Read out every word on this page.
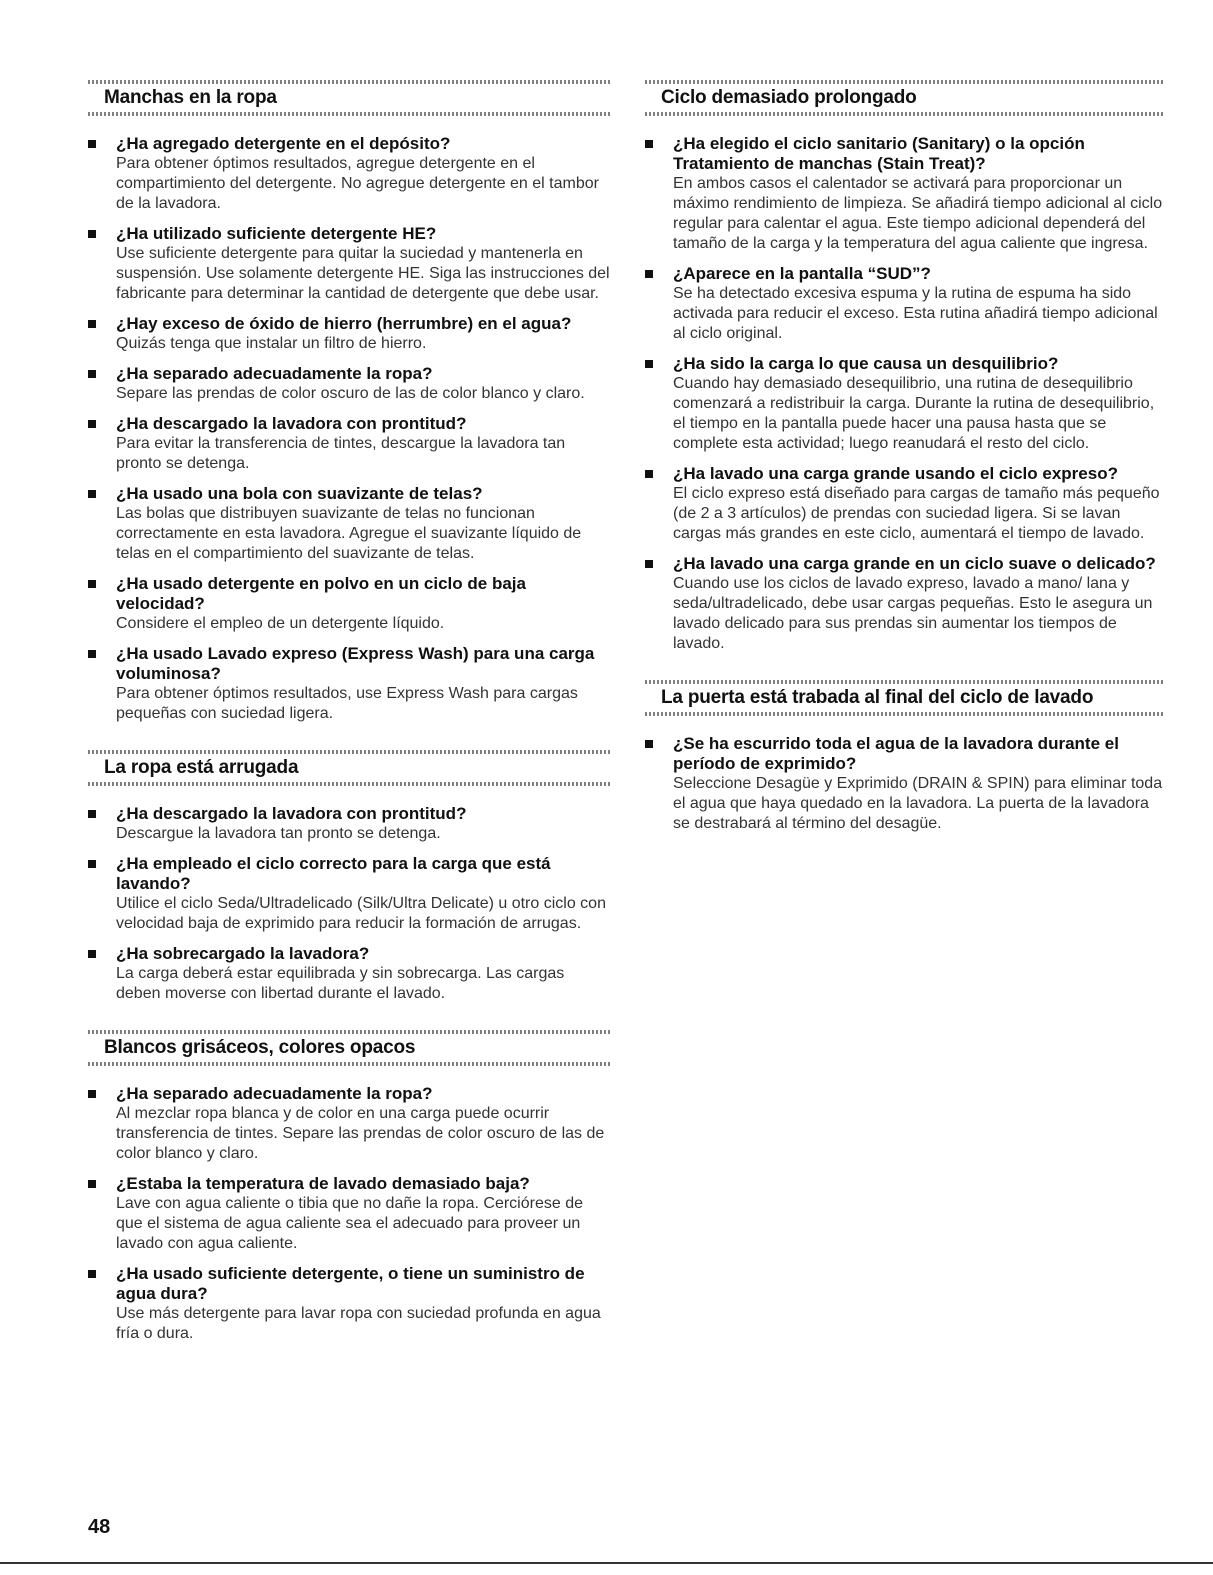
Manchas en la ropa
¿Ha agregado detergente en el depósito?
Para obtener óptimos resultados, agregue detergente en el compartimiento del detergente. No agregue detergente en el tambor de la lavadora.
¿Ha utilizado suficiente detergente HE?
Use suficiente detergente para quitar la suciedad y mantenerla en suspensión. Use solamente detergente HE. Siga las instrucciones del fabricante para determinar la cantidad de detergente que debe usar.
¿Hay exceso de óxido de hierro (herrumbre) en el agua?
Quizás tenga que instalar un filtro de hierro.
¿Ha separado adecuadamente la ropa?
Separe las prendas de color oscuro de las de color blanco y claro.
¿Ha descargado la lavadora con prontitud?
Para evitar la transferencia de tintes, descargue la lavadora tan pronto se detenga.
¿Ha usado una bola con suavizante de telas?
Las bolas que distribuyen suavizante de telas no funcionan correctamente en esta lavadora. Agregue el suavizante líquido de telas en el compartimiento del suavizante de telas.
¿Ha usado detergente en polvo en un ciclo de baja velocidad?
Considere el empleo de un detergente líquido.
¿Ha usado Lavado expreso (Express Wash) para una carga voluminosa?
Para obtener óptimos resultados, use Express Wash para cargas pequeñas con suciedad ligera.
La ropa está arrugada
¿Ha descargado la lavadora con prontitud?
Descargue la lavadora tan pronto se detenga.
¿Ha empleado el ciclo correcto para la carga que está lavando?
Utilice el ciclo Seda/Ultradelicado (Silk/Ultra Delicate) u otro ciclo con velocidad baja de exprimido para reducir la formación de arrugas.
¿Ha sobrecargado la lavadora?
La carga deberá estar equilibrada y sin sobrecarga. Las cargas deben moverse con libertad durante el lavado.
Blancos grisáceos, colores opacos
¿Ha separado adecuadamente la ropa?
Al mezclar ropa blanca y de color en una carga puede ocurrir transferencia de tintes. Separe las prendas de color oscuro de las de color blanco y claro.
¿Estaba la temperatura de lavado demasiado baja?
Lave con agua caliente o tibia que no dañe la ropa. Cerciórese de que el sistema de agua caliente sea el adecuado para proveer un lavado con agua caliente.
¿Ha usado suficiente detergente, o tiene un suministro de agua dura?
Use más detergente para lavar ropa con suciedad profunda en agua fría o dura.
Ciclo demasiado prolongado
¿Ha elegido el ciclo sanitario (Sanitary) o la opción Tratamiento de manchas (Stain Treat)?
En ambos casos el calentador se activará para proporcionar un máximo rendimiento de limpieza. Se añadirá tiempo adicional al ciclo regular para calentar el agua. Este tiempo adicional dependerá del tamaño de la carga y la temperatura del agua caliente que ingresa.
¿Aparece en la pantalla “SUD”?
Se ha detectado excesiva espuma y la rutina de espuma ha sido activada para reducir el exceso. Esta rutina añadirá tiempo adicional al ciclo original.
¿Ha sido la carga lo que causa un desquilibrio?
Cuando hay demasiado desequilibrio, una rutina de desequilibrio comenzará a redistribuir la carga. Durante la rutina de desequilibrio, el tiempo en la pantalla puede hacer una pausa hasta que se complete esta actividad; luego reanudará el resto del ciclo.
¿Ha lavado una carga grande usando el ciclo expreso?
El ciclo expreso está diseñado para cargas de tamaño más pequeño (de 2 a 3 artículos) de prendas con suciedad ligera. Si se lavan cargas más grandes en este ciclo, aumentará el tiempo de lavado.
¿Ha lavado una carga grande en un ciclo suave o delicado?
Cuando use los ciclos de lavado expreso, lavado a mano/ lana y seda/ultradelicado, debe usar cargas pequeñas. Esto le asegura un lavado delicado para sus prendas sin aumentar los tiempos de lavado.
La puerta está trabada al final del ciclo de lavado
¿Se ha escurrido toda el agua de la lavadora durante el período de exprimido?
Seleccione Desagüe y Exprimido (DRAIN & SPIN) para eliminar toda el agua que haya quedado en la lavadora. La puerta de la lavadora se destrabará al término del desagüe.
48
